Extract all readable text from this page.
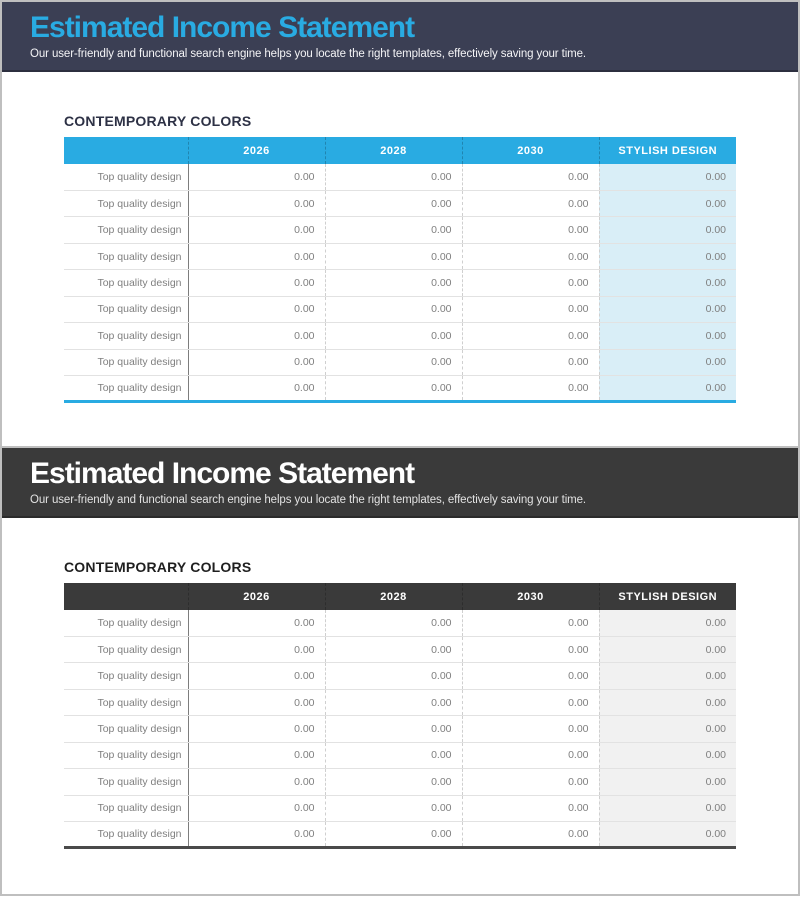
Estimated Income Statement

Our user-friendly and functional search engine helps you locate the right templates, effectively saving your time.

CONTEMPORARY COLORS
	2026	2028	2030	STYLISH DESIGN
Top quality design	0.00	0.00	0.00	0.00
Top quality design	0.00	0.00	0.00	0.00
Top quality design	0.00	0.00	0.00	0.00
Top quality design	0.00	0.00	0.00	0.00
Top quality design	0.00	0.00	0.00	0.00
Top quality design	0.00	0.00	0.00	0.00
Top quality design	0.00	0.00	0.00	0.00
Top quality design	0.00	0.00	0.00	0.00
Top quality design	0.00	0.00	0.00	0.00
Estimated Income Statement

Our user-friendly and functional search engine helps you locate the right templates, effectively saving your time.

CONTEMPORARY COLORS
	2026	2028	2030	STYLISH DESIGN
Top quality design	0.00	0.00	0.00	0.00
Top quality design	0.00	0.00	0.00	0.00
Top quality design	0.00	0.00	0.00	0.00
Top quality design	0.00	0.00	0.00	0.00
Top quality design	0.00	0.00	0.00	0.00
Top quality design	0.00	0.00	0.00	0.00
Top quality design	0.00	0.00	0.00	0.00
Top quality design	0.00	0.00	0.00	0.00
Top quality design	0.00	0.00	0.00	0.00
